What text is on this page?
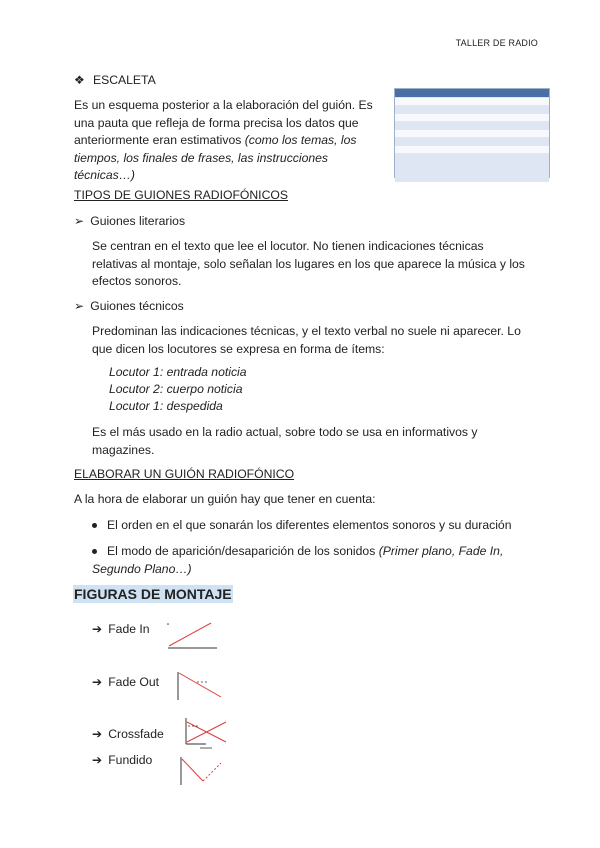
TALLER DE RADIO
❖ ESCALETA
Es un esquema posterior a la elaboración del guión. Es una pauta que refleja de forma precisa los datos que anteriormente eran estimativos (como los temas, los tiempos, los finales de frases, las instrucciones técnicas…)
TIPOS DE GUIONES RADIOFÓNICOS
➢ Guiones literarios
Se centran en el texto que lee el locutor. No tienen indicaciones técnicas relativas al montaje, solo señalan los lugares en los que aparece la música y los efectos sonoros.
➢ Guiones técnicos
Predominan las indicaciones técnicas, y el texto verbal no suele ni aparecer. Lo que dicen los locutores se expresa en forma de ítems:
Locutor 1: entrada noticia
Locutor 2: cuerpo noticia
Locutor 1: despedida
Es el más usado en la radio actual, sobre todo se usa en informativos y magazines.
ELABORAR UN GUIÓN RADIOFÓNICO
A la hora de elaborar un guión hay que tener en cuenta:
El orden en el que sonarán los diferentes elementos sonoros y su duración
El modo de aparición/desaparición de los sonidos (Primer plano, Fade In, Segundo Plano…)
FIGURAS DE MONTAJE
➔ Fade In
➔ Fade Out
➔ Crossfade
➔ Fundido
